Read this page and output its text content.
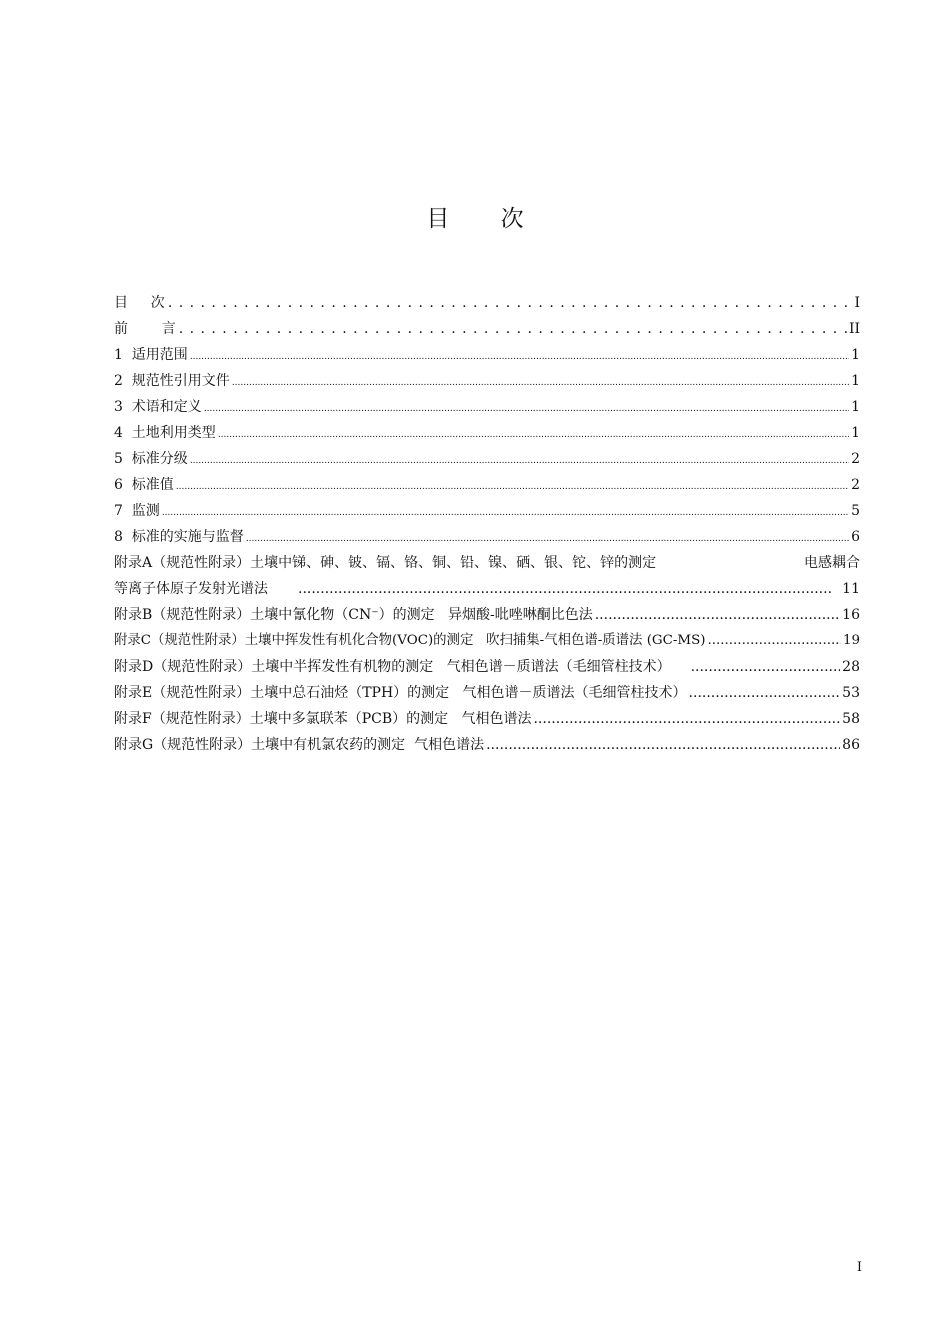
目 次
目    次 . . .	I
前      言 . . .	II
1  适用范围 .....	1
2  规范性引用文件 .....	1
3  术语和定义 .....	1
4  土地利用类型 .....	1
5  标准分级 .....	2
6  标准值 .....	2
7  监测 .....	5
8  标准的实施与监督 .....	6
附录A（规范性附录）土壤中锑、砷、铍、镉、铬、铜、铅、镍、硒、银、铊、锌的测定	电感耦合
等离子体原子发射光谱法 .....	11
附录B（规范性附录）土壤中氰化物（CN⁻）的测定   异烟酸-吡唑啉酮比色法 .....	16
附录C（规范性附录）土壤中挥发性有机化合物(VOC)的测定   吹扫捕集-气相色谱-质谱法 (GC-MS) .....	19
附录D（规范性附录）土壤中半挥发性有机物的测定   气相色谱－质谱法（毛细管柱技术） .....	28
附录E（规范性附录）土壤中总石油烃（TPH）的测定   气相色谱－质谱法（毛细管柱技术） .....	53
附录F（规范性附录）土壤中多氯联苯（PCB）的测定   气相色谱法 .....	58
附录G（规范性附录）土壤中有机氯农药的测定  气相色谱法 .....	86
I
